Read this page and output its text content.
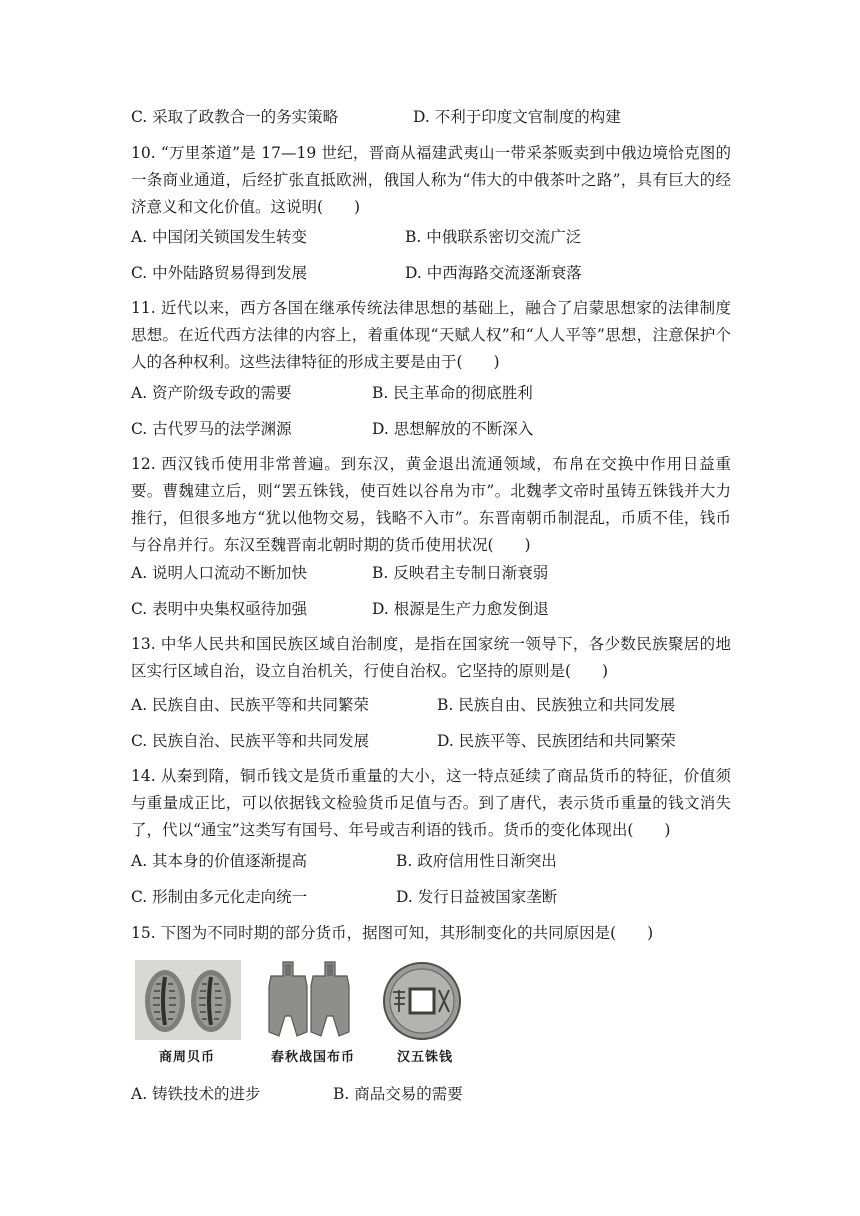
C. 采取了政教合一的务实策略	D. 不利于印度文官制度的构建
10. “万里茶道”是 17—19 世纪，晋商从福建武夷山一带采茶贩卖到中俄边境恰克图的一条商业通道，后经扩张直抵欧洲，俄国人称为“伟大的中俄茶叶之路”，具有巨大的经济意义和文化价值。这说明(　　)
A. 中国闭关锁国发生转变	B. 中俄联系密切交流广泛
C. 中外陆路贸易得到发展	D. 中西海路交流逐渐衰落
11. 近代以来，西方各国在继承传统法律思想的基础上，融合了启蒙思想家的法律制度思想。在近代西方法律的内容上，着重体现“天赋人权”和“人人平等”思想，注意保护个人的各种权利。这些法律特征的形成主要是由于(　　)
A. 资产阶级专政的需要	B. 民主革命的彻底胜利
C. 古代罗马的法学渊源	D. 思想解放的不断深入
12. 西汉钱币使用非常普遍。到东汉，黄金退出流通领域，布帛在交换中作用日益重要。曹魏建立后，则“罢五铢钱，使百姓以谷帛为市”。北魏孝文帝时虽铸五铢钱并大力推行，但很多地方“犹以他物交易，钱略不入市”。东晋南朝币制混乱，币质不佳，钱币与谷帛并行。东汉至魏晋南北朝时期的货币使用状况(　　)
A. 说明人口流动不断加快	B. 反映君主专制日渐衰弱
C. 表明中央集权亟待加强	D. 根源是生产力愈发倒退
13. 中华人民共和国民族区域自治制度，是指在国家统一领导下，各少数民族聚居的地区实行区域自治，设立自治机关，行使自治权。它坚持的原则是(　　)
A. 民族自由、民族平等和共同繁荣	B. 民族自由、民族独立和共同发展
C. 民族自治、民族平等和共同发展	D. 民族平等、民族团结和共同繁荣
14. 从秦到隋，铜币钱文是货币重量的大小，这一特点延续了商品货币的特征，价值须与重量成正比，可以依据钱文检验货币足值与否。到了唐代，表示货币重量的钱文消失了，代以“通宝”这类写有国号、年号或吉利语的钱币。货币的变化体现出(　　)
A. 其本身的价值逐渐提高	B. 政府信用性日渐突出
C. 形制由多元化走向统一	D. 发行日益被国家垄断
15. 下图为不同时期的部分货币，据图可知，其形制变化的共同原因是(　　)
商周贝币	春秋战国布币	汉五铢钱
A. 铸铁技术的进步	B. 商品交易的需要
